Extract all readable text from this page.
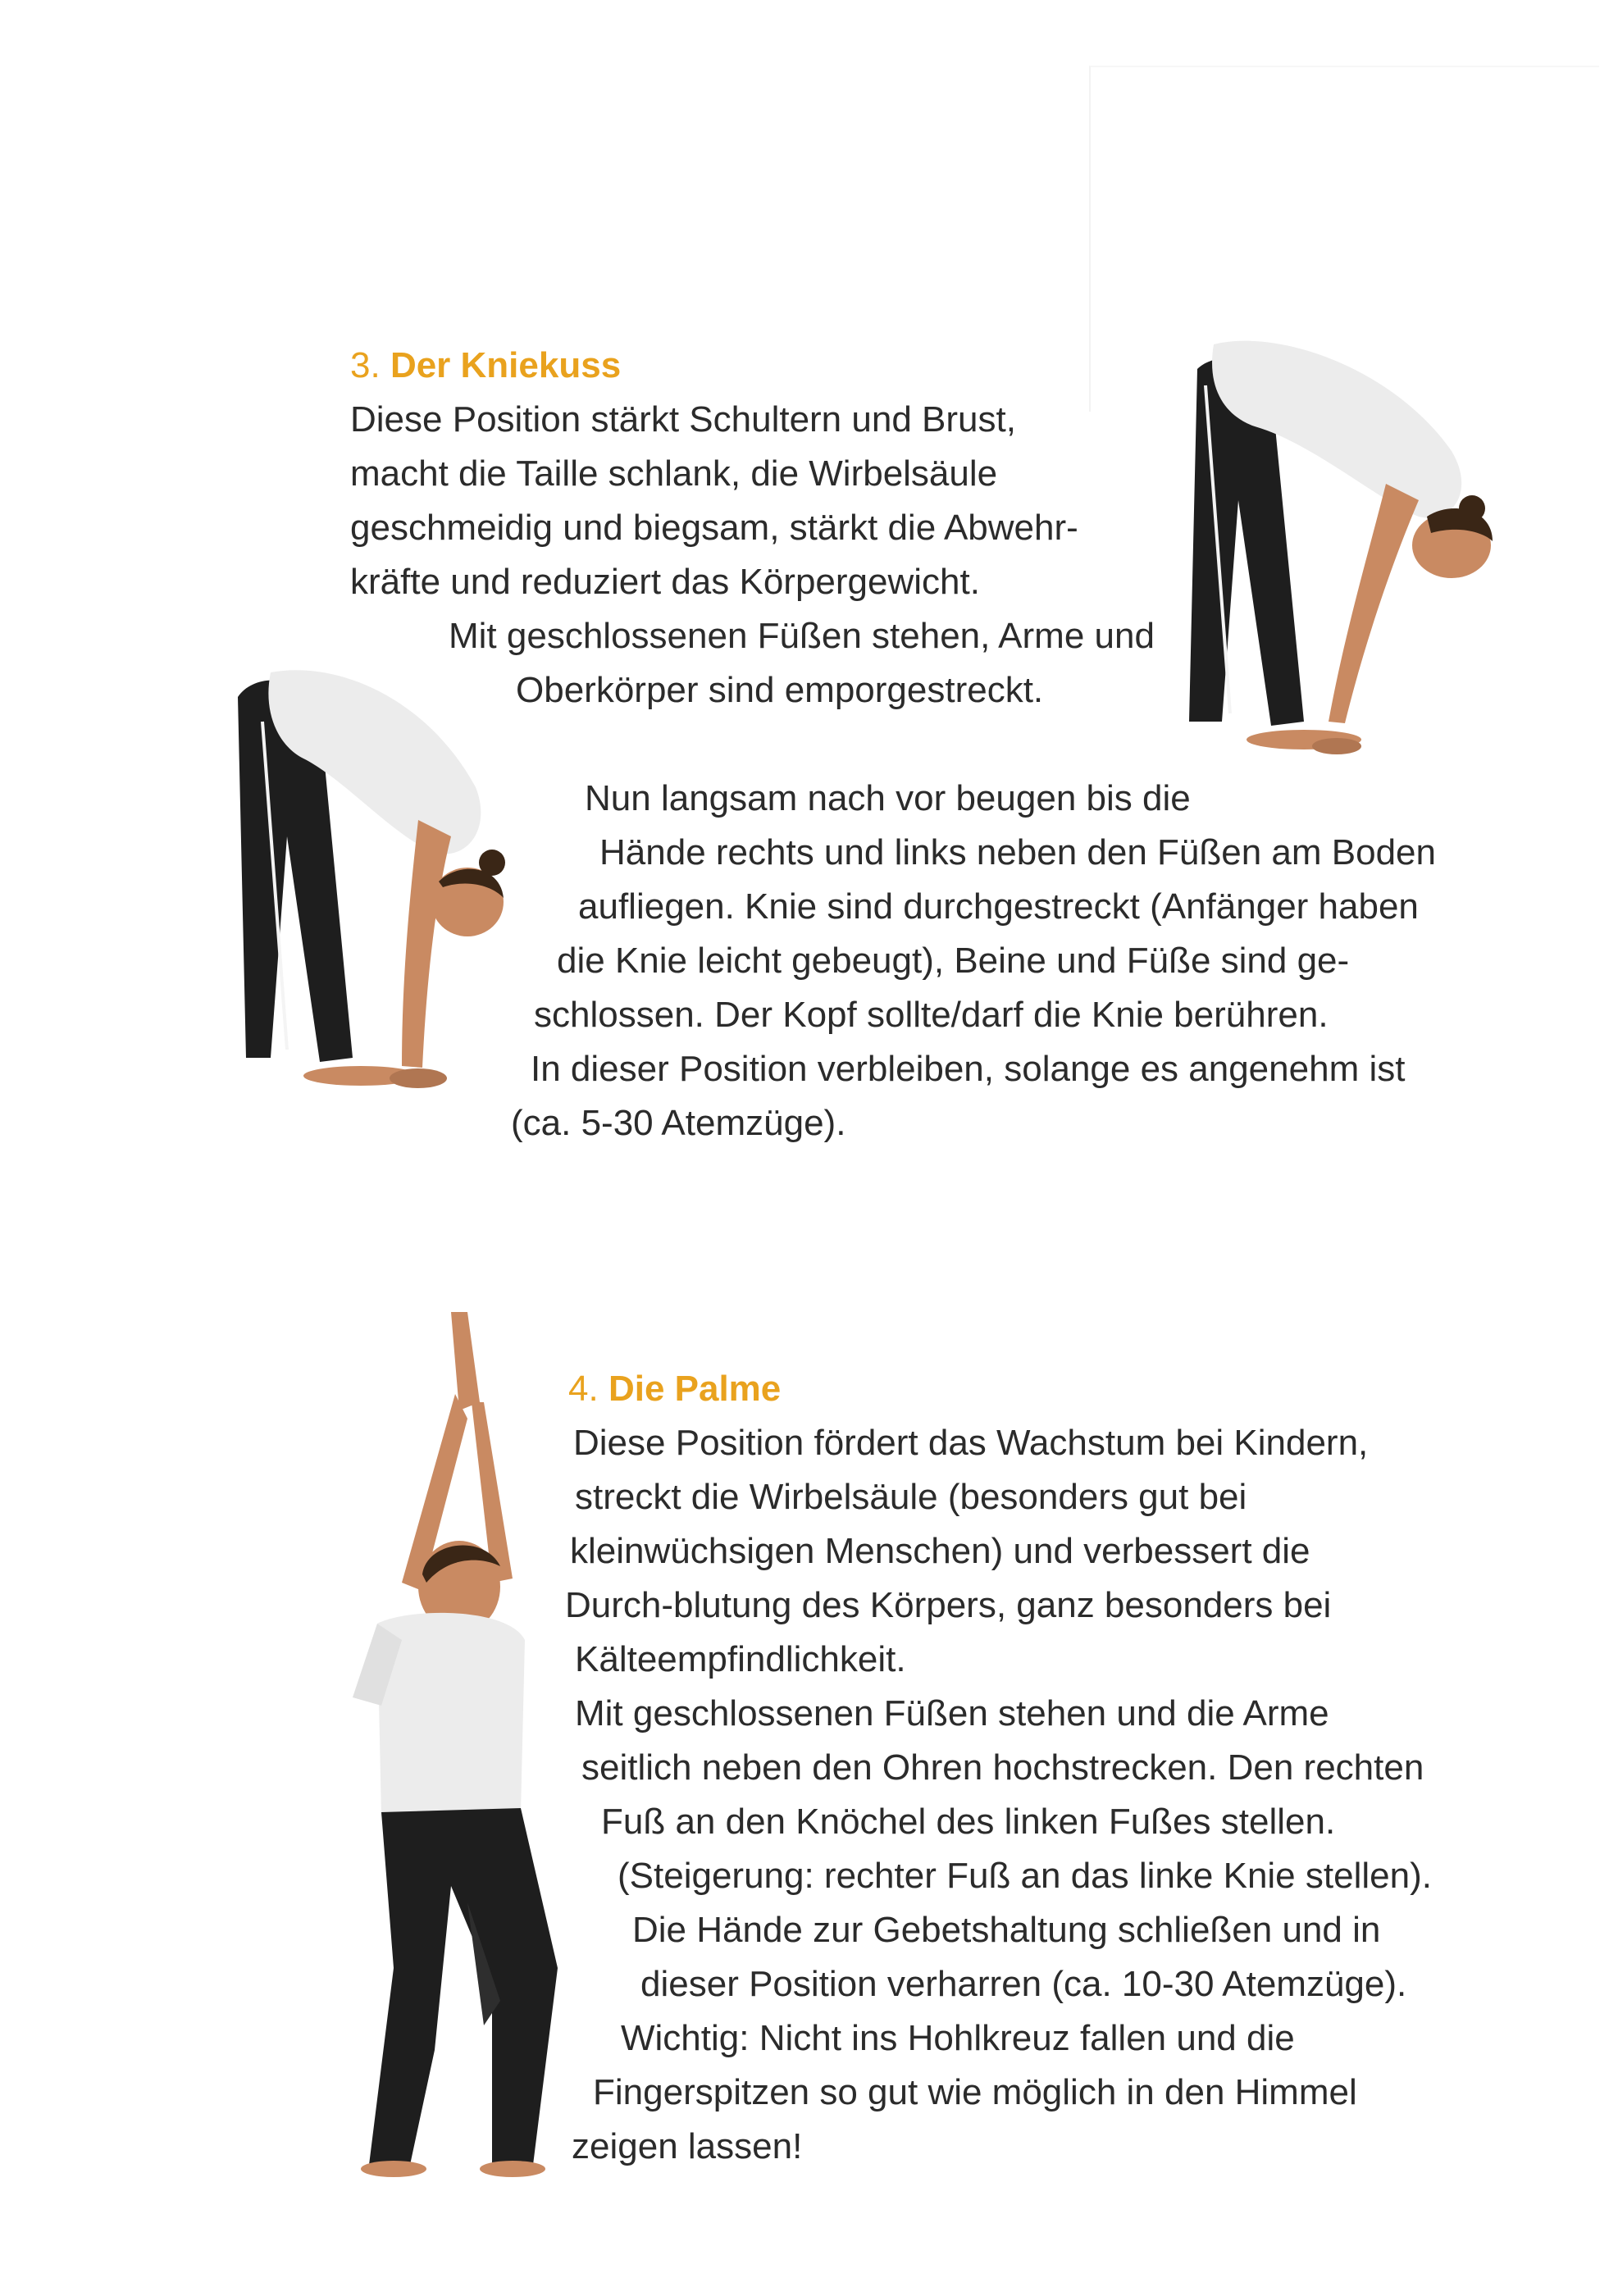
3. Der Kniekuss
Diese Position stärkt Schultern und Brust,
macht die Taille schlank, die Wirbelsäule
geschmeidig und biegsam, stärkt die Abwehr-
kräfte und reduziert das Körpergewicht.
Mit geschlossenen Füßen stehen, Arme und
Oberkörper sind emporgestreckt.
Nun langsam nach vor beugen bis die
Hände rechts und links neben den Füßen am Boden
aufliegen. Knie sind durchgestreckt (Anfänger haben
die Knie leicht gebeugt), Beine und Füße sind ge-
schlossen. Der Kopf sollte/darf die Knie berühren.
In dieser Position verbleiben, solange es angenehm ist
(ca. 5-30 Atemzüge).
4. Die Palme
Diese Position fördert das Wachstum bei Kindern,
streckt die Wirbelsäule (besonders gut bei
kleinwüchsigen Menschen) und verbessert die
Durch-blutung des Körpers, ganz besonders bei
Kälteempfindlichkeit.
Mit geschlossenen Füßen stehen und die Arme
seitlich neben den Ohren hochstrecken. Den rechten
Fuß an den Knöchel des linken Fußes stellen.
(Steigerung: rechter Fuß an das linke Knie stellen).
Die Hände zur Gebetshaltung schließen und in
dieser Position verharren (ca. 10-30 Atemzüge).
Wichtig: Nicht ins Hohlkreuz fallen und die
Fingerspitzen so gut wie möglich in den Himmel
zeigen lassen!
